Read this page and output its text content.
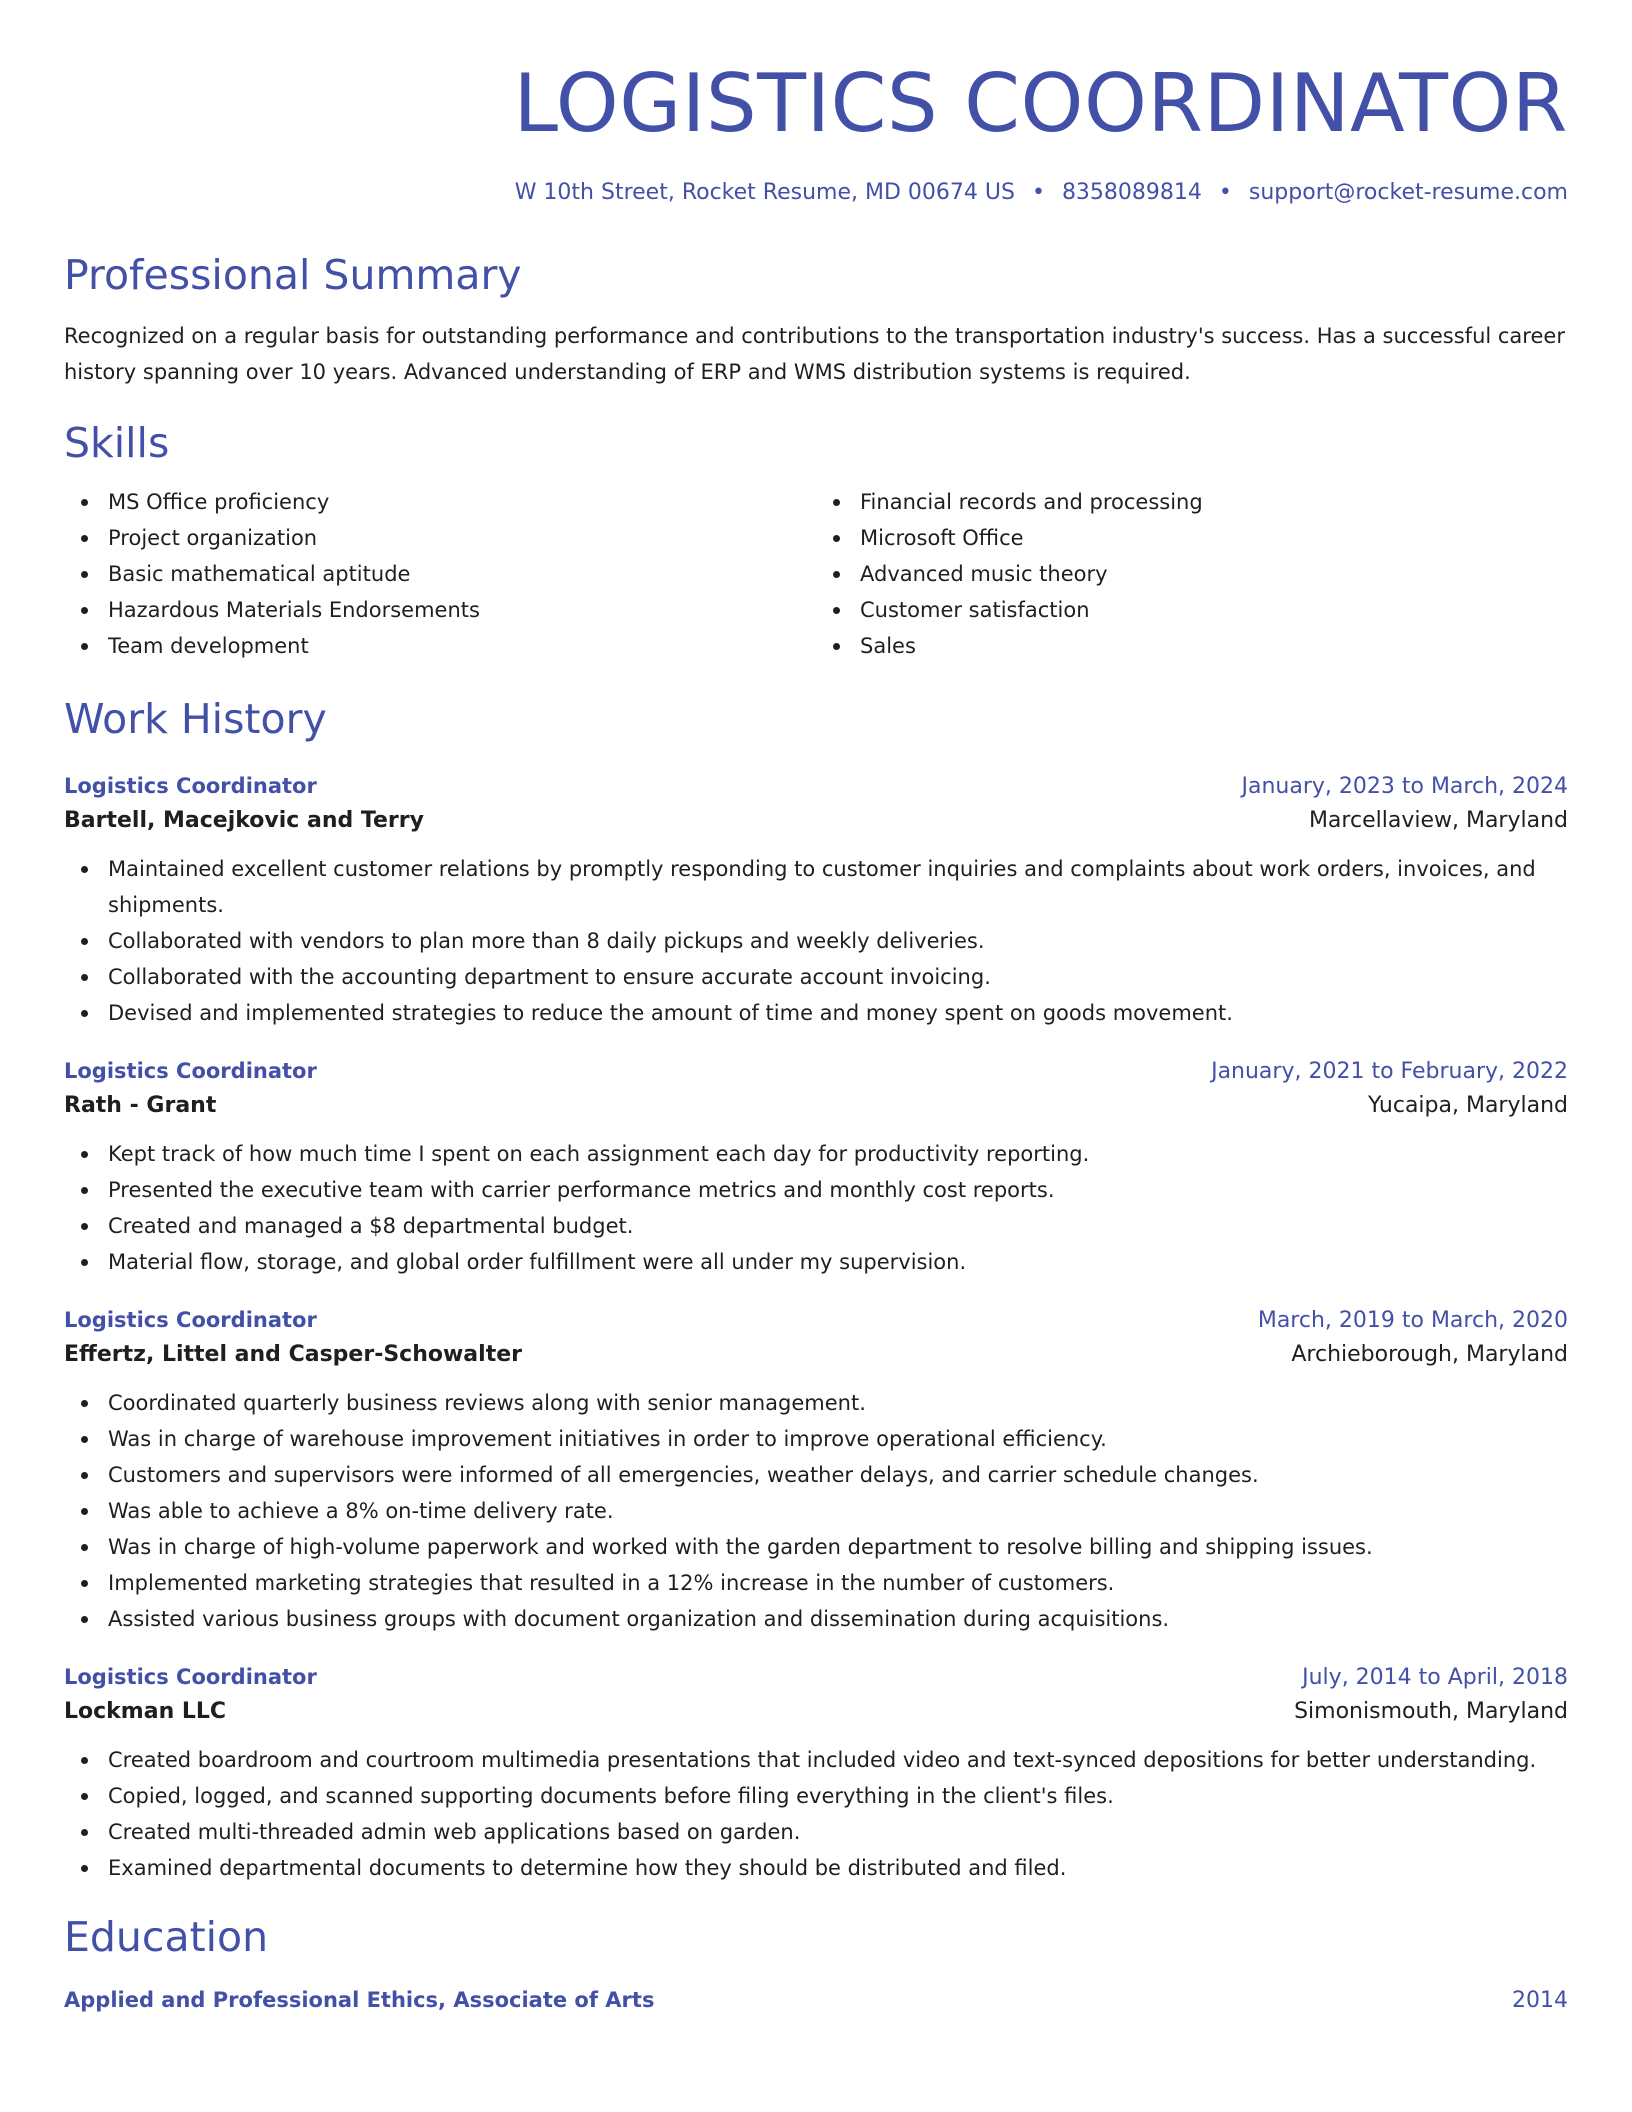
LOGISTICS COORDINATOR
W 10th Street, Rocket Resume, MD 00674 US • 8358089814 • support@rocket-resume.com
Professional Summary

Recognized on a regular basis for outstanding performance and contributions to the transportation industry's success. Has a successful career history spanning over 10 years. Advanced understanding of ERP and WMS distribution systems is required.

Skills
MS Office proficiency
Project organization
Basic mathematical aptitude
Hazardous Materials Endorsements
Team development
Financial records and processing
Microsoft Office
Advanced music theory
Customer satisfaction
Sales
Work History
Logistics Coordinator	January, 2023 to March, 2024
Bartell, Macejkovic and Terry	Marcellaview, Maryland
Maintained excellent customer relations by promptly responding to customer inquiries and complaints about work orders, invoices, and shipments.
Collaborated with vendors to plan more than 8 daily pickups and weekly deliveries.
Collaborated with the accounting department to ensure accurate account invoicing.
Devised and implemented strategies to reduce the amount of time and money spent on goods movement.
Logistics Coordinator	January, 2021 to February, 2022
Rath - Grant	Yucaipa, Maryland
Kept track of how much time I spent on each assignment each day for productivity reporting.
Presented the executive team with carrier performance metrics and monthly cost reports.
Created and managed a $8 departmental budget.
Material flow, storage, and global order fulfillment were all under my supervision.
Logistics Coordinator	March, 2019 to March, 2020
Effertz, Littel and Casper-Schowalter	Archieborough, Maryland
Coordinated quarterly business reviews along with senior management.
Was in charge of warehouse improvement initiatives in order to improve operational efficiency.
Customers and supervisors were informed of all emergencies, weather delays, and carrier schedule changes.
Was able to achieve a 8% on-time delivery rate.
Was in charge of high-volume paperwork and worked with the garden department to resolve billing and shipping issues.
Implemented marketing strategies that resulted in a 12% increase in the number of customers.
Assisted various business groups with document organization and dissemination during acquisitions.
Logistics Coordinator	July, 2014 to April, 2018
Lockman LLC	Simonismouth, Maryland
Created boardroom and courtroom multimedia presentations that included video and text-synced depositions for better understanding.
Copied, logged, and scanned supporting documents before filing everything in the client's files.
Created multi-threaded admin web applications based on garden.
Examined departmental documents to determine how they should be distributed and filed.
Education
Applied and Professional Ethics, Associate of Arts	2014
